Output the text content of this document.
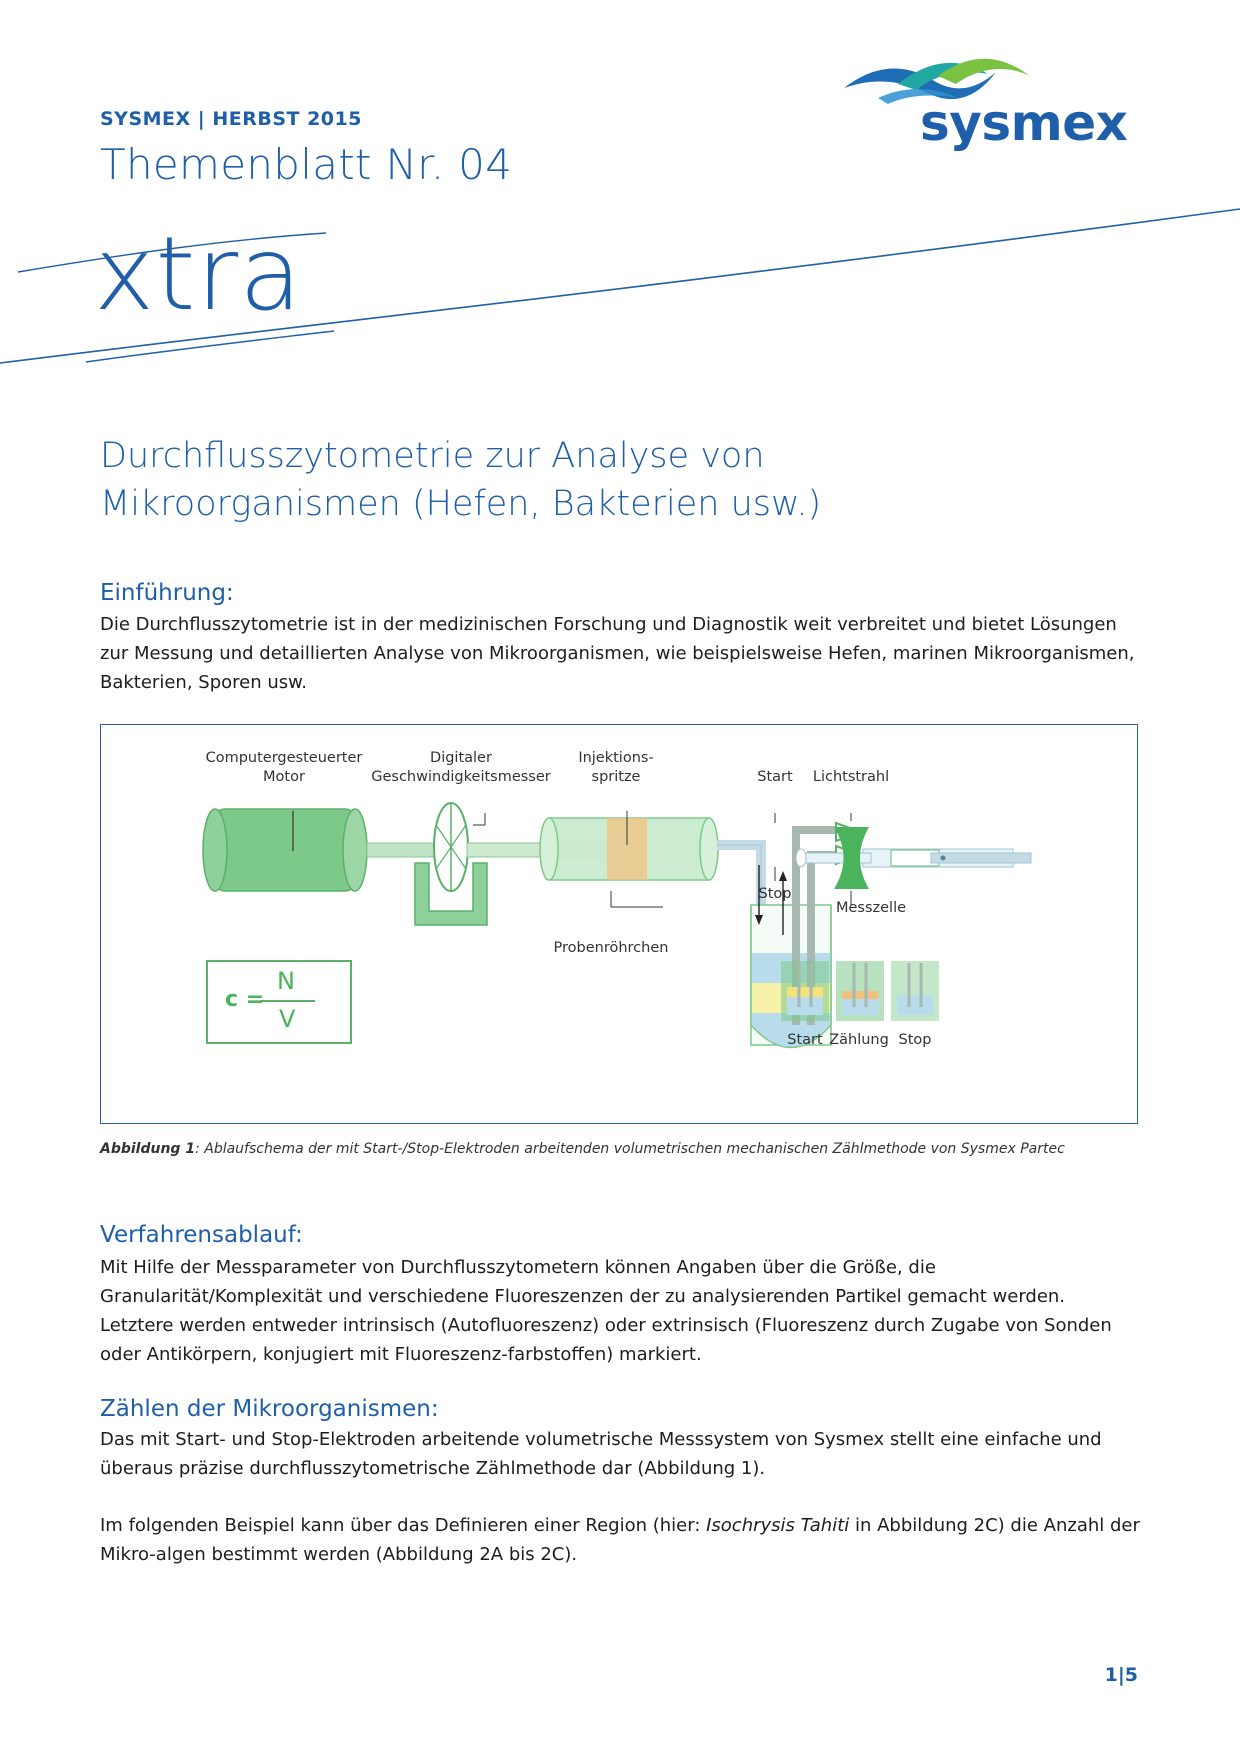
SYSMEX | HERBST 2015
Themenblatt Nr. 04
sysmex
xtra
Durchflusszytometrie zur Analyse von
Mikroorganismen (Hefen, Bakterien usw.)
Einführung:

Die Durchflusszytometrie ist in der medizinischen Forschung und Diagnostik weit verbreitet und bietet Lösungen zur Messung und detaillierten Analyse von Mikroorganismen, wie beispielsweise Hefen, marinen Mikroorganismen, Bakterien, Sporen usw.

Computergesteuerter
Motor
Digitaler
Geschwindigkeitsmesser
Injektions-
spritze	Start	Lichtstrahl
Stop
Messzelle
Probenröhrchen
Start Zählung Stop
c =
N
V
Abbildung 1: Ablaufschema der mit Start-/Stop-Elektroden arbeitenden volumetrischen mechanischen Zählmethode von Sysmex Partec
Verfahrensablauf:

Mit Hilfe der Messparameter von Durchflusszytometern können Angaben über die Größe, die Granularität/Komplexität und verschiedene Fluoreszenzen der zu analysierenden Partikel gemacht werden. Letztere werden entweder intrinsisch (Autofluoreszenz) oder extrinsisch (Fluoreszenz durch Zugabe von Sonden oder Antikörpern, konjugiert mit Fluoreszenz-farbstoffen) markiert.

Zählen der Mikroorganismen:

Das mit Start- und Stop-Elektroden arbeitende volumetrische Messsystem von Sysmex stellt eine einfache und überaus präzise durchflusszytometrische Zählmethode dar (Abbildung 1).

Im folgenden Beispiel kann über das Definieren einer Region (hier: Isochrysis Tahiti in Abbildung 2C) die Anzahl der Mikro-algen bestimmt werden (Abbildung 2A bis 2C).

1|5
